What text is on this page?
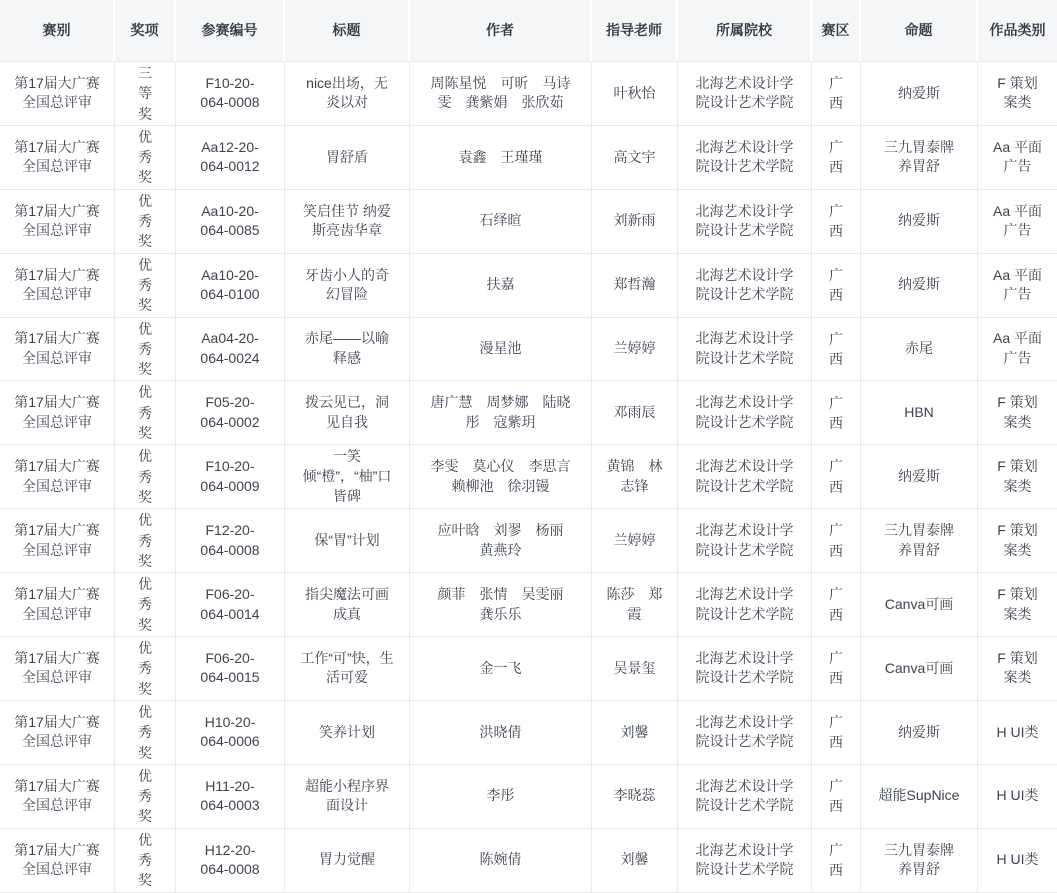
赛别	奖项	参赛编号	标题	作者	指导老师	所属院校	赛区	命题	作品类别
第17届大广赛全国总评审	三等奖	F10-20-064-0008	nice出场，无炎以对	周陈星悦　可昕　马诗雯　龚紫娟　张欣茹	叶秋怡	北海艺术设计学院设计艺术学院	广西	纳爱斯	F 策划案类
第17届大广赛全国总评审	优秀奖	Aa12-20-064-0012	胃舒盾	袁鑫　王瑾瑾	高文宇	北海艺术设计学院设计艺术学院	广西	三九胃泰牌养胃舒	Aa 平面广告
第17届大广赛全国总评审	优秀奖	Aa10-20-064-0085	笑启佳节 纳爱斯亮齿华章	石绎暄	刘新雨	北海艺术设计学院设计艺术学院	广西	纳爱斯	Aa 平面广告
第17届大广赛全国总评审	优秀奖	Aa10-20-064-0100	牙齿小人的奇幻冒险	扶嘉	郑哲瀚	北海艺术设计学院设计艺术学院	广西	纳爱斯	Aa 平面广告
第17届大广赛全国总评审	优秀奖	Aa04-20-064-0024	赤尾——以喻释感	漫星池	兰婷婷	北海艺术设计学院设计艺术学院	广西	赤尾	Aa 平面广告
第17届大广赛全国总评审	优秀奖	F05-20-064-0002	拨云见已，洞见自我	唐广慧　周梦娜　陆晓彤　寇紫玥	邓雨辰	北海艺术设计学院设计艺术学院	广西	HBN	F 策划案类
第17届大广赛全国总评审	优秀奖	F10-20-064-0009	一笑倾“橙”，“柚”口皆碑	李雯　莫心仪　李思言　赖柳池　徐羽镘	黄锦　林志锋	北海艺术设计学院设计艺术学院	广西	纳爱斯	F 策划案类
第17届大广赛全国总评审	优秀奖	F12-20-064-0008	保“胃”计划	应叶晗　刘翏　杨丽　黄燕玲	兰婷婷	北海艺术设计学院设计艺术学院	广西	三九胃泰牌养胃舒	F 策划案类
第17届大广赛全国总评审	优秀奖	F06-20-064-0014	指尖魔法可画成真	颜菲　张情　吴雯丽　龚乐乐	陈莎　郑霞	北海艺术设计学院设计艺术学院	广西	Canva可画	F 策划案类
第17届大广赛全国总评审	优秀奖	F06-20-064-0015	工作“可”快，生活可爱	金一飞	吴景玺	北海艺术设计学院设计艺术学院	广西	Canva可画	F 策划案类
第17届大广赛全国总评审	优秀奖	H10-20-064-0006	笑养计划	洪晓倩	刘馨	北海艺术设计学院设计艺术学院	广西	纳爱斯	H UI类
第17届大广赛全国总评审	优秀奖	H11-20-064-0003	超能小程序界面设计	李彤	李晓蕊	北海艺术设计学院设计艺术学院	广西	超能SupNice	H UI类
第17届大广赛全国总评审	优秀奖	H12-20-064-0008	胃力觉醒	陈婉倩	刘馨	北海艺术设计学院设计艺术学院	广西	三九胃泰牌养胃舒	H UI类
